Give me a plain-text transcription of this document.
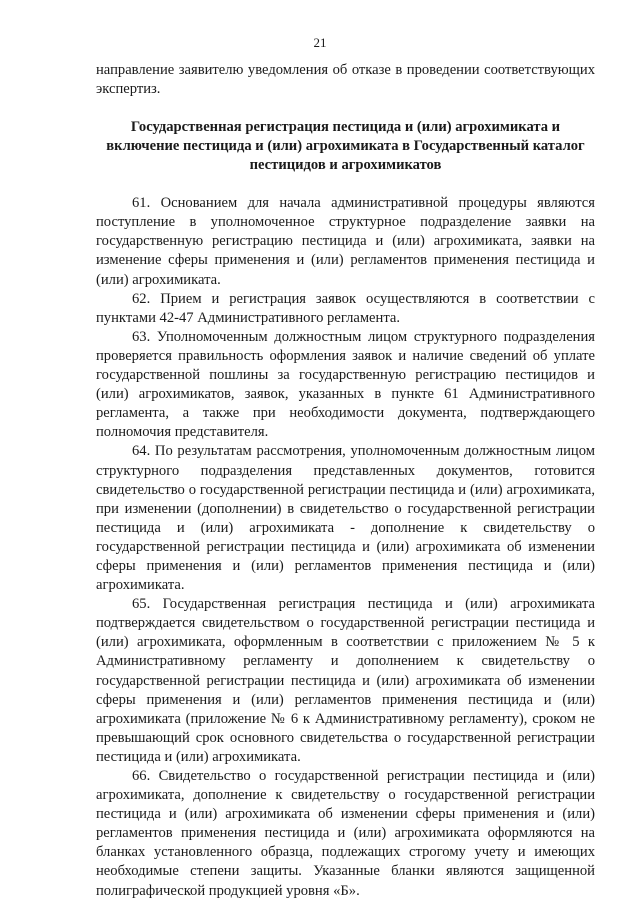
21

направление заявителю уведомления об отказе в проведении соответствующих экспертиз.

Государственная регистрация пестицида и (или) агрохимиката и включение пестицида и (или) агрохимиката в Государственный каталог пестицидов и агрохимикатов

61. Основанием для начала административной процедуры являются поступление в уполномоченное структурное подразделение заявки на государственную регистрацию пестицида и (или) агрохимиката, заявки на изменение сферы применения и (или) регламентов применения пестицида и (или) агрохимиката.

62. Прием и регистрация заявок осуществляются в соответствии с пунктами 42-47 Административного регламента.

63. Уполномоченным должностным лицом структурного подразделения проверяется правильность оформления заявок и наличие сведений об уплате государственной пошлины за государственную регистрацию пестицидов и (или) агрохимикатов, заявок, указанных в пункте 61 Административного регламента, а также при необходимости документа, подтверждающего полномочия представителя.

64. По результатам рассмотрения, уполномоченным должностным лицом структурного подразделения представленных документов, готовится свидетельство о государственной регистрации пестицида и (или) агрохимиката, при изменении (дополнении) в свидетельство о государственной регистрации пестицида и (или) агрохимиката - дополнение к свидетельству о государственной регистрации пестицида и (или) агрохимиката об изменении сферы применения и (или) регламентов применения пестицида и (или) агрохимиката.

65. Государственная регистрация пестицида и (или) агрохимиката подтверждается свидетельством о государственной регистрации пестицида и (или) агрохимиката, оформленным в соответствии с приложением № 5 к Административному регламенту и дополнением к свидетельству о государственной регистрации пестицида и (или) агрохимиката об изменении сферы применения и (или) регламентов применения пестицида и (или) агрохимиката (приложение № 6 к Административному регламенту), сроком не превышающий срок основного свидетельства о государственной регистрации пестицида и (или) агрохимиката.

66. Свидетельство о государственной регистрации пестицида и (или) агрохимиката, дополнение к свидетельству о государственной регистрации пестицида и (или) агрохимиката об изменении сферы применения и (или) регламентов применения пестицида и (или) агрохимиката оформляются на бланках установленного образца, подлежащих строгому учету и имеющих необходимые степени защиты. Указанные бланки являются защищенной полиграфической продукцией уровня «Б».
